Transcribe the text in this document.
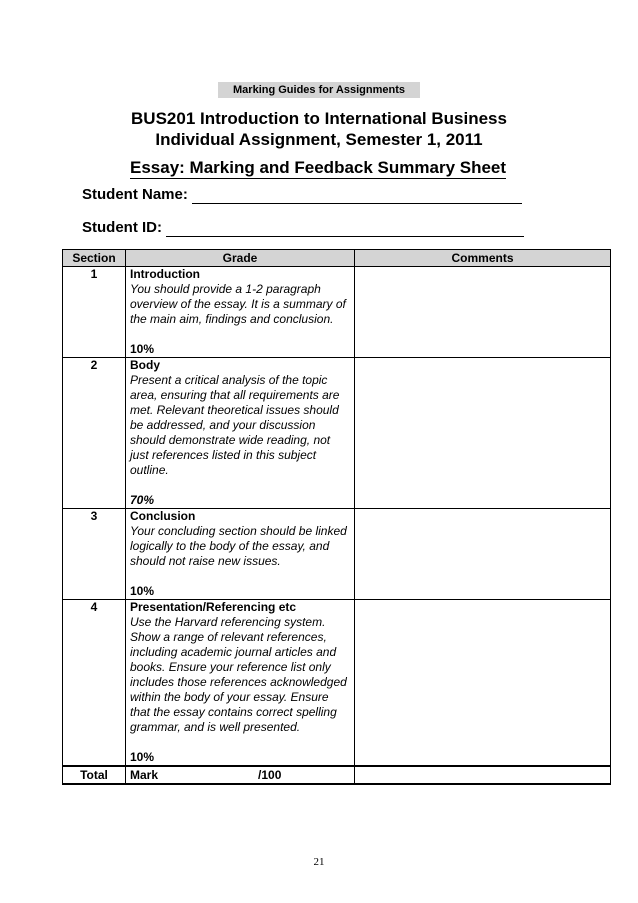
Marking Guides for Assignments
BUS201 Introduction to International Business
Individual Assignment, Semester 1, 2011
Essay: Marking and Feedback Summary Sheet
Student Name:
Student ID:
Section	Grade	Comments
1	Introduction
You should provide a 1-2 paragraph overview of the essay. It is a summary of the main aim, findings and conclusion.
10%	

2	Body
Present a critical analysis of the topic area, ensuring that all requirements are met. Relevant theoretical issues should be addressed, and your discussion should demonstrate wide reading, not just references listed in this subject outline.
70%	

3	Conclusion
Your concluding section should be linked logically to the body of the essay, and should not raise new issues.
10%	

4	Presentation/Referencing etc
Use the Harvard referencing system. Show a range of relevant references, including academic journal articles and books. Ensure your reference list only includes those references acknowledged within the body of your essay. Ensure that the essay contains correct spelling grammar, and is well presented.
10%	

Total	Mark /100	
21
